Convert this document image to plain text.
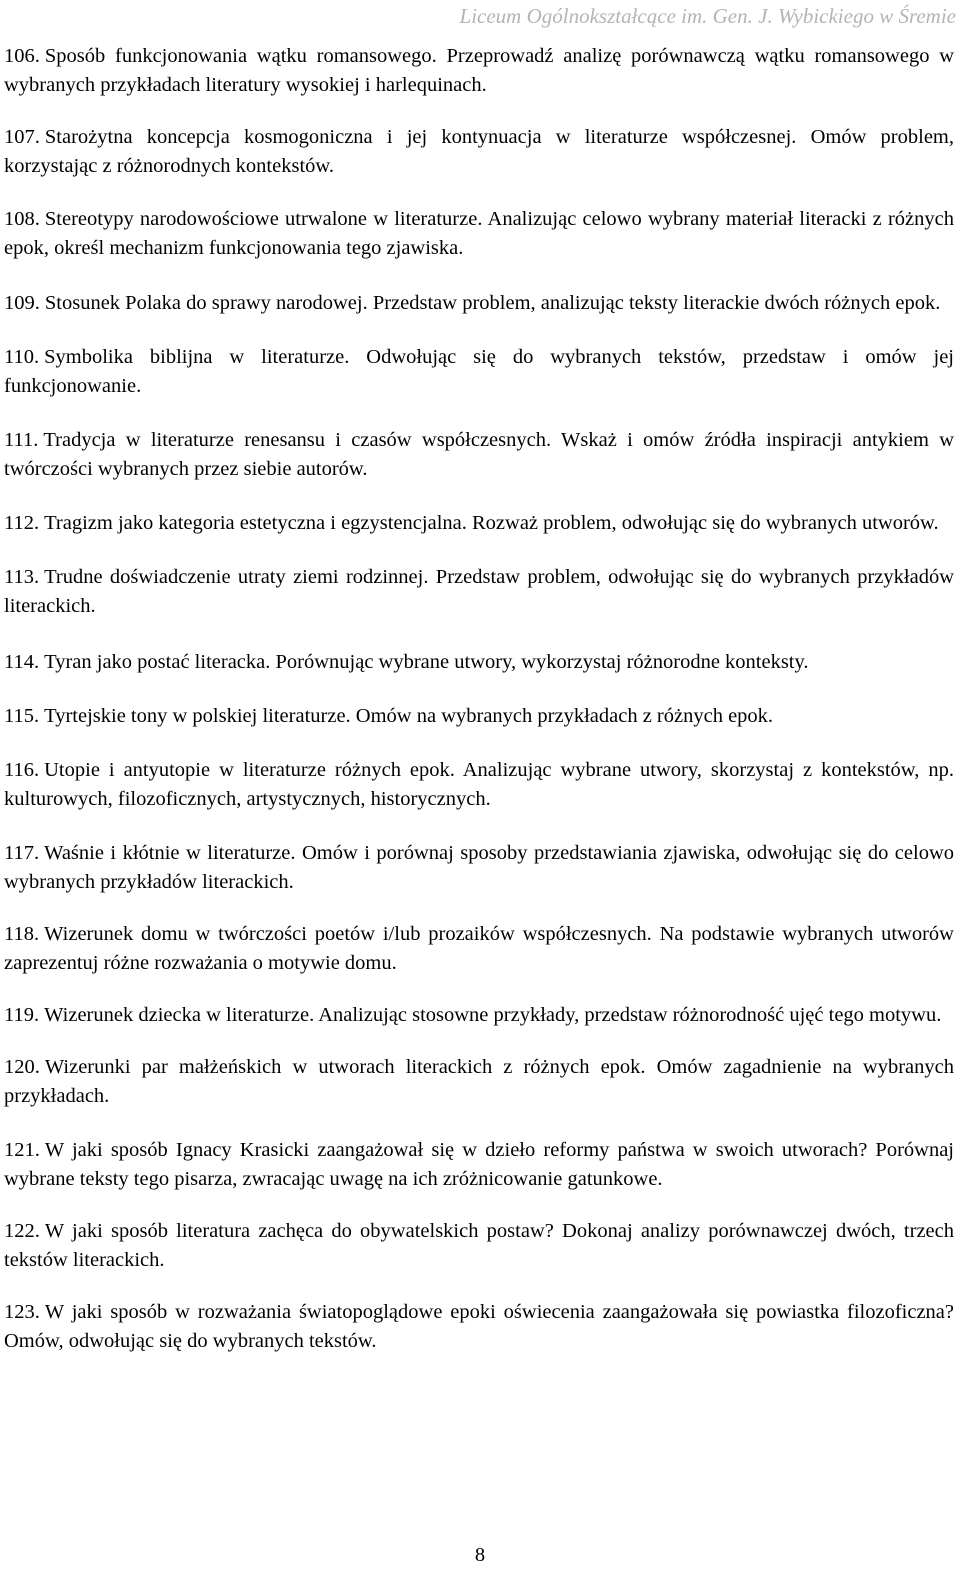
Liceum Ogólnokształcące im. Gen. J. Wybickiego w Śremie

106. Sposób funkcjonowania wątku romansowego. Przeprowadź analizę porównawczą wątku romansowego w wybranych przykładach literatury wysokiej i harlequinach.

107. Starożytna koncepcja kosmogoniczna i jej kontynuacja w literaturze współczesnej. Omów problem, korzystając z różnorodnych kontekstów.

108. Stereotypy narodowościowe utrwalone w literaturze. Analizując celowo wybrany materiał literacki z różnych epok, określ mechanizm funkcjonowania tego zjawiska.

109. Stosunek Polaka do sprawy narodowej. Przedstaw problem, analizując teksty literackie dwóch różnych epok.

110. Symbolika biblijna w literaturze. Odwołując się do wybranych tekstów, przedstaw i omów jej funkcjonowanie.

111. Tradycja w literaturze renesansu i czasów współczesnych. Wskaż i omów źródła inspiracji antykiem w twórczości wybranych przez siebie autorów.

112. Tragizm jako kategoria estetyczna i egzystencjalna. Rozważ problem, odwołując się do wybranych utworów.

113. Trudne doświadczenie utraty ziemi rodzinnej. Przedstaw problem, odwołując się do wybranych przykładów literackich.

114. Tyran jako postać literacka. Porównując wybrane utwory, wykorzystaj różnorodne konteksty.

115. Tyrtejskie tony w polskiej literaturze. Omów na wybranych przykładach z różnych epok.

116. Utopie i antyutopie w literaturze różnych epok. Analizując wybrane utwory, skorzystaj z kontekstów, np. kulturowych, filozoficznych, artystycznych, historycznych.

117. Waśnie i kłótnie w literaturze. Omów i porównaj sposoby przedstawiania zjawiska, odwołując się do celowo wybranych przykładów literackich.

118. Wizerunek domu w twórczości poetów i/lub prozaików współczesnych. Na podstawie wybranych utworów zaprezentuj różne rozważania o motywie domu.

119. Wizerunek dziecka w literaturze. Analizując stosowne przykłady, przedstaw różnorodność ujęć tego motywu.

120. Wizerunki par małżeńskich w utworach literackich z różnych epok. Omów zagadnienie na wybranych przykładach.

121. W jaki sposób Ignacy Krasicki zaangażował się w dzieło reformy państwa w swoich utworach? Porównaj wybrane teksty tego pisarza, zwracając uwagę na ich zróżnicowanie gatunkowe.

122. W jaki sposób literatura zachęca do obywatelskich postaw? Dokonaj analizy porównawczej dwóch, trzech tekstów literackich.

123. W jaki sposób w rozważania światopoglądowe epoki oświecenia zaangażowała się powiastka filozoficzna? Omów, odwołując się do wybranych tekstów.

8
